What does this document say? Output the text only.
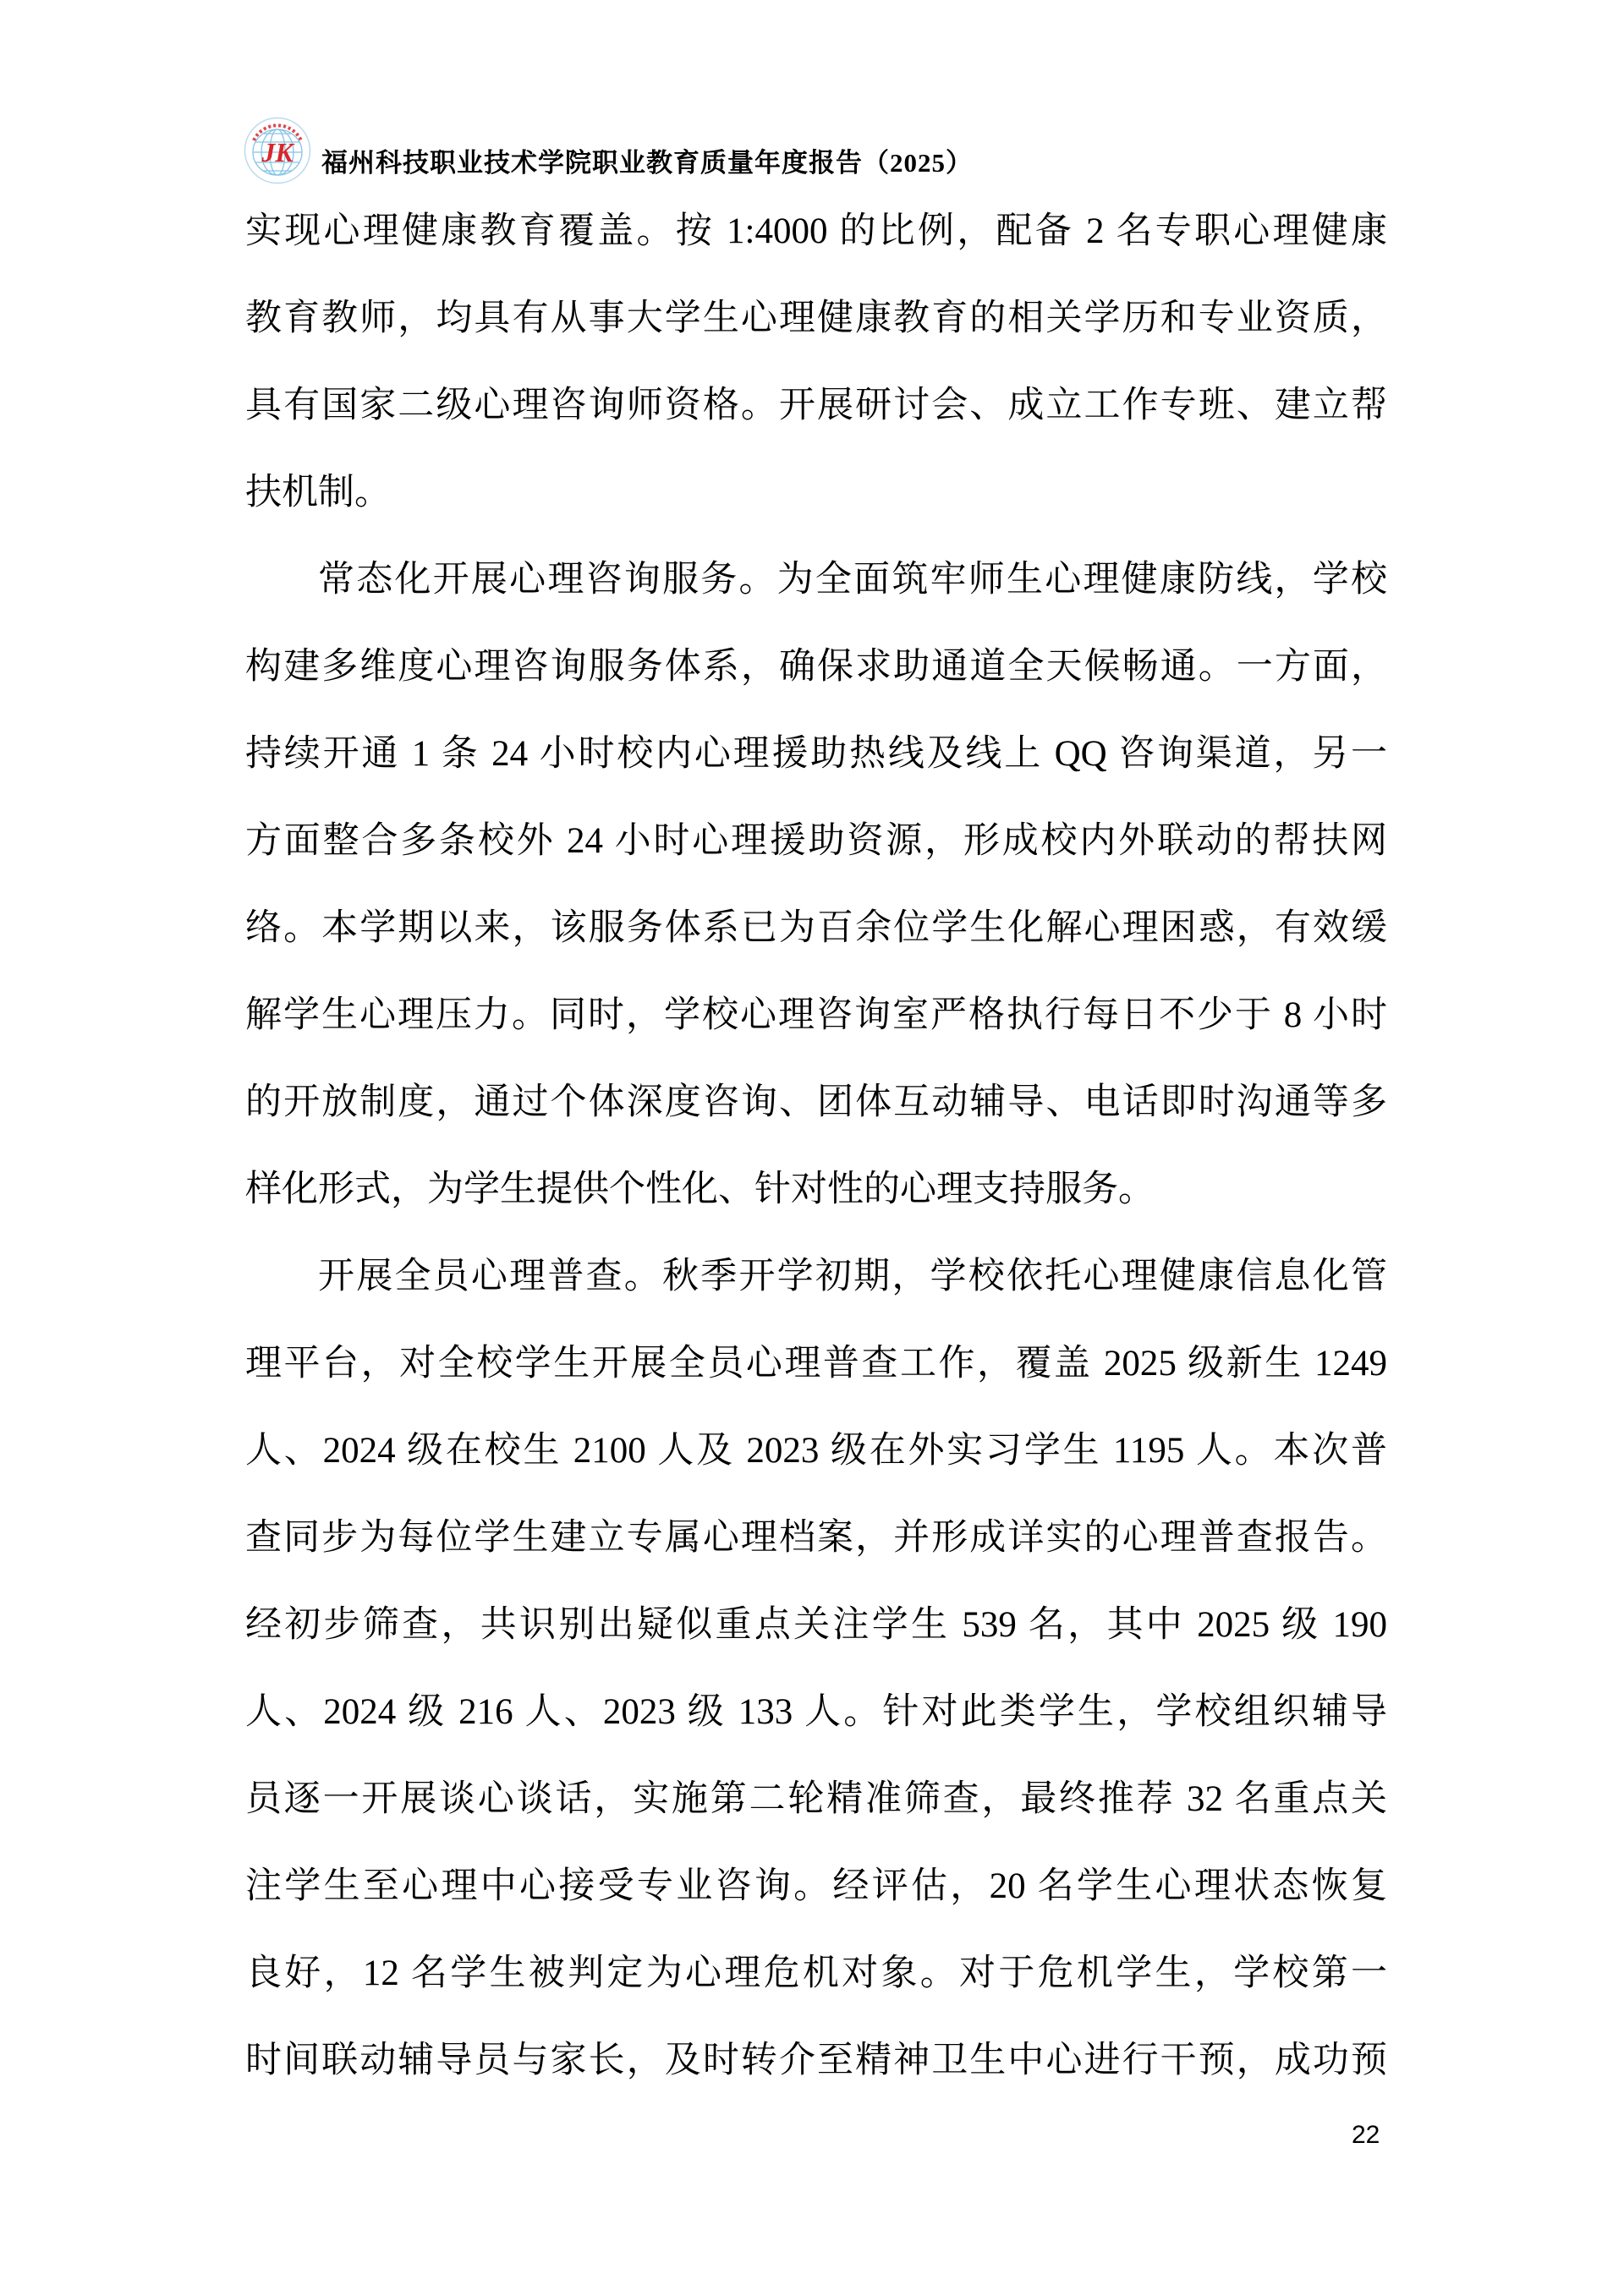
JK 福州科技职业技术学院职业教育质量年度报告（2025）
实现心理健康教育覆盖。按 1:4000 的比例，配备 2 名专职心理健康
教育教师，均具有从事大学生心理健康教育的相关学历和专业资质，
具有国家二级心理咨询师资格。开展研讨会、成立工作专班、建立帮
扶机制。
常态化开展心理咨询服务。为全面筑牢师生心理健康防线，学校
构建多维度心理咨询服务体系，确保求助通道全天候畅通。一方面，
持续开通 1 条 24 小时校内心理援助热线及线上 QQ 咨询渠道，另一
方面整合多条校外 24 小时心理援助资源，形成校内外联动的帮扶网
络。本学期以来，该服务体系已为百余位学生化解心理困惑，有效缓
解学生心理压力。同时，学校心理咨询室严格执行每日不少于 8 小时
的开放制度，通过个体深度咨询、团体互动辅导、电话即时沟通等多
样化形式，为学生提供个性化、针对性的心理支持服务。
开展全员心理普查。秋季开学初期，学校依托心理健康信息化管
理平台，对全校学生开展全员心理普查工作，覆盖 2025 级新生 1249
人、2024 级在校生 2100 人及 2023 级在外实习学生 1195 人。本次普
查同步为每位学生建立专属心理档案，并形成详实的心理普查报告。
经初步筛查，共识别出疑似重点关注学生 539 名，其中 2025 级 190
人、2024 级 216 人、2023 级 133 人。针对此类学生，学校组织辅导
员逐一开展谈心谈话，实施第二轮精准筛查，最终推荐 32 名重点关
注学生至心理中心接受专业咨询。经评估，20 名学生心理状态恢复
良好，12 名学生被判定为心理危机对象。对于危机学生，学校第一
时间联动辅导员与家长，及时转介至精神卫生中心进行干预，成功预
22
